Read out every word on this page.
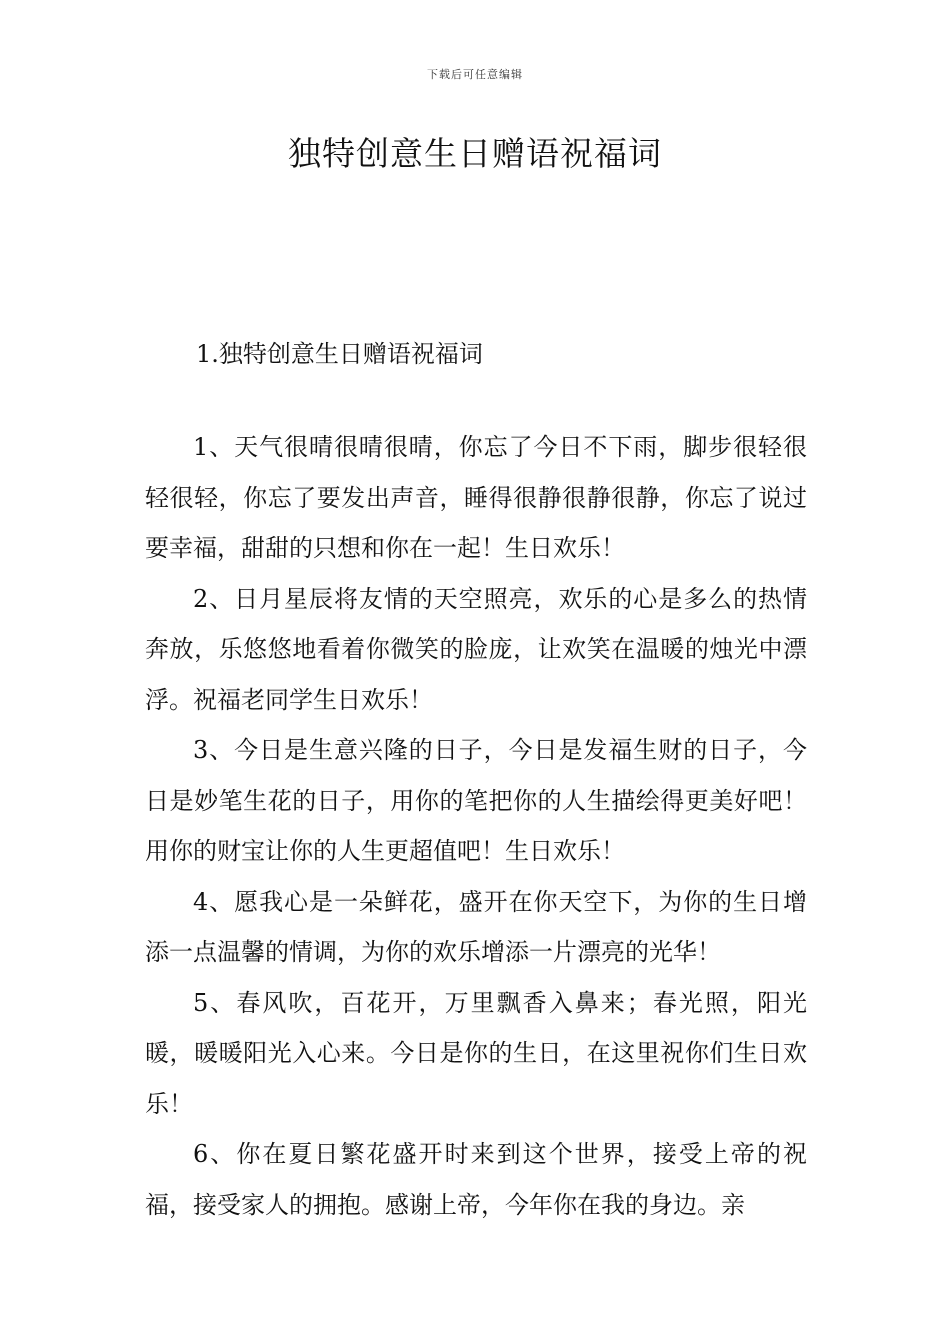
下载后可任意编辑
独特创意生日赠语祝福词
1.独特创意生日赠语祝福词

1、天气很晴很晴很晴，你忘了今日不下雨，脚步很轻很轻很轻，你忘了要发出声音，睡得很静很静很静，你忘了说过要幸福，甜甜的只想和你在一起！生日欢乐！

2、日月星辰将友情的天空照亮，欢乐的心是多么的热情奔放，乐悠悠地看着你微笑的脸庞，让欢笑在温暖的烛光中漂浮。祝福老同学生日欢乐！

3、今日是生意兴隆的日子，今日是发福生财的日子，今日是妙笔生花的日子，用你的笔把你的人生描绘得更美好吧！用你的财宝让你的人生更超值吧！生日欢乐！

4、愿我心是一朵鲜花，盛开在你天空下，为你的生日增添一点温馨的情调，为你的欢乐增添一片漂亮的光华！

5、春风吹，百花开，万里飘香入鼻来；春光照，阳光暖，暖暖阳光入心来。今日是你的生日，在这里祝你们生日欢乐！

6、你在夏日繁花盛开时来到这个世界，接受上帝的祝福，接受家人的拥抱。感谢上帝，今年你在我的身边。亲
